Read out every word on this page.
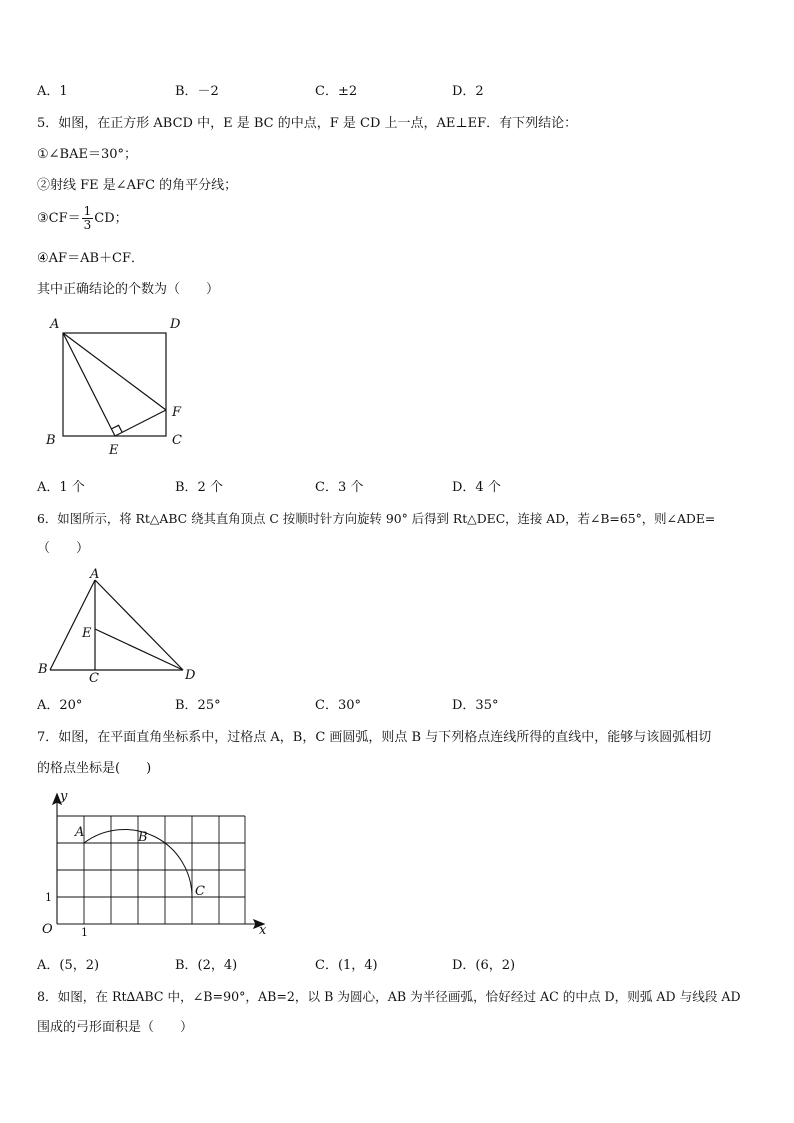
A．1	B．－2	C．±2	D．2
5．如图，在正方形 ABCD 中，E 是 BC 的中点，F 是 CD 上一点，AE⊥EF．有下列结论：
①∠BAE＝30°；
②射线 FE 是∠AFC 的角平分线；
③CF＝ $\frac{1}{3}$ CD；
④AF＝AB＋CF．
其中正确结论的个数为（　　）
A	D
B	C
E
F
A．1 个	B．2 个	C．3 个	D．4 个
6．如图所示，将 Rt△ABC 绕其直角顶点 C 按顺时针方向旋转 90° 后得到 Rt△DEC，连接 AD，若∠B=65°，则∠ADE=
（　　）
A
B
C	D
E
A．20°	B．25°	C．30°	D．35°
7．如图，在平面直角坐标系中，过格点 A，B，C 画圆弧，则点 B 与下列格点连线所得的直线中，能够与该圆弧相切
的格点坐标是(　　)
A	B
C
O	x
y
1
1
A．(5，2)	B．(2，4)	C．(1，4)	D．(6，2)
8．如图，在 Rt∆ABC 中，∠B=90°，AB=2，以 B 为圆心，AB 为半径画弧，恰好经过 AC 的中点 D，则弧 AD 与线段 AD
围成的弓形面积是（　　）
